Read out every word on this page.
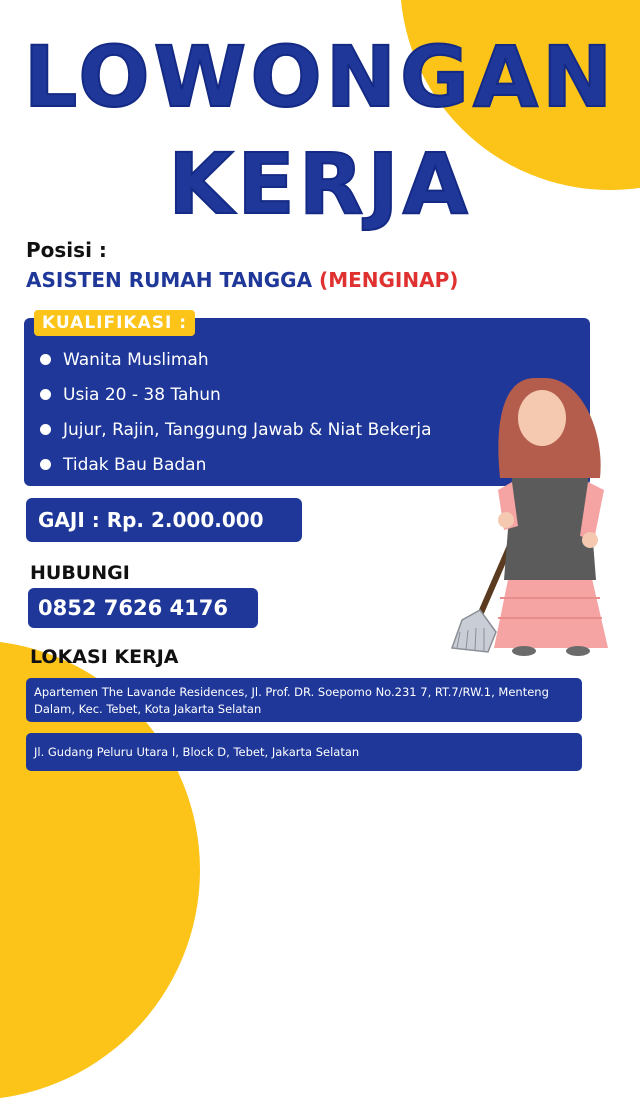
LOWONGAN
KERJA
Posisi :
ASISTEN RUMAH TANGGA (MENGINAP)
KUALIFIKASI :
Wanita Muslimah
Usia 20 - 38 Tahun
Jujur, Rajin, Tanggung Jawab & Niat Bekerja
Tidak Bau Badan
GAJI : Rp. 2.000.000
HUBUNGI
0852 7626 4176
LOKASI KERJA
Apartemen The Lavande Residences, Jl. Prof. DR. Soepomo No.231 7, RT.7/RW.1, Menteng Dalam, Kec. Tebet, Kota Jakarta Selatan
Jl. Gudang Peluru Utara I, Block D, Tebet, Jakarta Selatan
